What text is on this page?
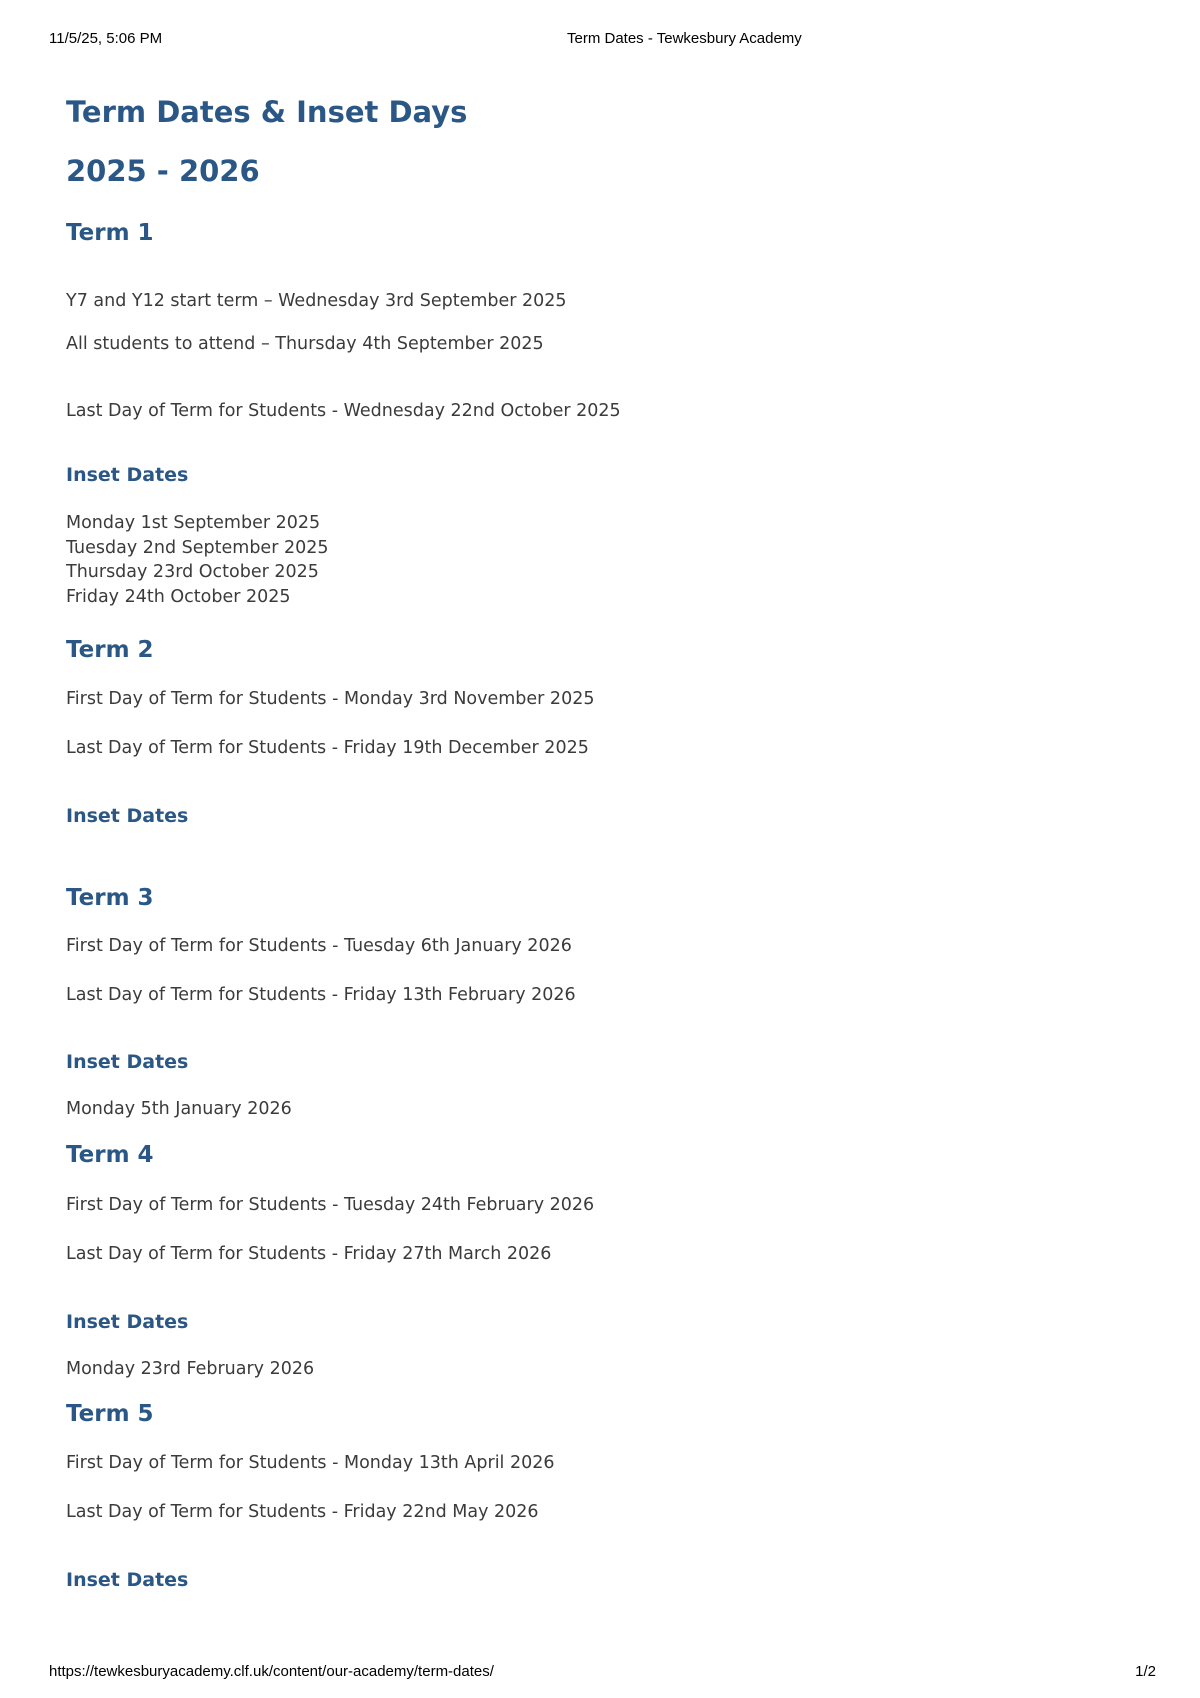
11/5/25, 5:06 PM	Term Dates - Tewkesbury Academy
Term Dates & Inset Days
2025 - 2026
Term 1

Y7 and Y12 start term – Wednesday 3rd September 2025

All students to attend – Thursday 4th September 2025

Last Day of Term for Students - Wednesday 22nd October 2025

Inset Dates
Monday 1st September 2025
Tuesday 2nd September 2025
Thursday 23rd October 2025
Friday 24th October 2025
Term 2

First Day of Term for Students - Monday 3rd November 2025

Last Day of Term for Students - Friday 19th December 2025

Inset Dates
Term 3

First Day of Term for Students - Tuesday 6th January 2026

Last Day of Term for Students - Friday 13th February 2026

Inset Dates
Monday 5th January 2026
Term 4

First Day of Term for Students - Tuesday 24th February 2026

Last Day of Term for Students - Friday 27th March 2026

Inset Dates
Monday 23rd February 2026
Term 5

First Day of Term for Students - Monday 13th April 2026

Last Day of Term for Students - Friday 22nd May 2026

Inset Dates
https://tewkesburyacademy.clf.uk/content/our-academy/term-dates/	1/2
